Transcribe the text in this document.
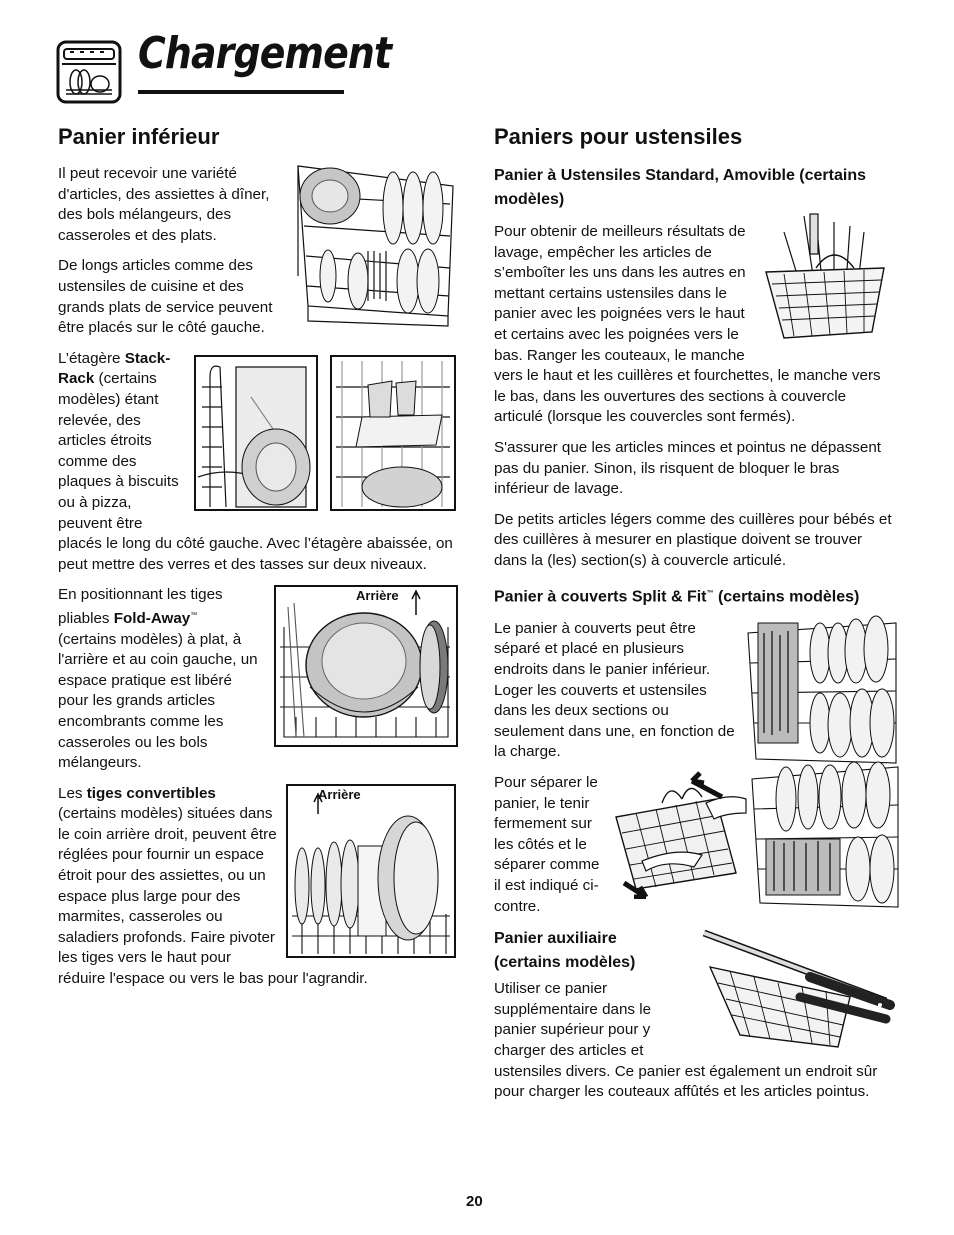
Chargement
Panier inférieur

Il peut recevoir une variété d'articles, des assiettes à dîner, des bols mélangeurs, des casseroles et des plats.

De longs articles comme des ustensiles de cuisine et des grands plats de service peuvent être placés sur le côté gauche.

L’étagère Stack-Rack (certains modèles) étant relevée, des articles étroits comme des plaques à biscuits ou à pizza, peuvent être placés le long du côté gauche. Avec l’étagère abaissée, on peut mettre des verres et des tasses sur deux niveaux.

Arrière

En positionnant les tiges pliables Fold-Away™ (certains modèles) à plat, à l'arrière et au coin gauche, un espace pratique est libéré pour les grands articles encombrants comme les casseroles ou les bols mélangeurs.

Arrière

Les tiges convertibles (certains modèles) situées dans le coin arrière droit, peuvent être réglées pour fournir un espace étroit pour des assiettes, ou un espace plus large pour des marmites, casseroles ou saladiers profonds. Faire pivoter les tiges vers le haut pour réduire l'espace ou vers le bas pour l'agrandir.

Paniers pour ustensiles
Panier à Ustensiles Standard, Amovible (certains modèles)

Pour obtenir de meilleurs résultats de lavage, empêcher les articles de s’emboîter les uns dans les autres en mettant certains ustensiles dans le panier avec les poignées vers le haut et certains avec les poignées vers le bas. Ranger les couteaux, le manche vers le haut et les cuillères et fourchettes, le manche vers le bas, dans les ouvertures des sections à couvercle articulé (lorsque les couvercles sont fermés).

S'assurer que les articles minces et pointus ne dépassent pas du panier. Sinon, ils risquent de bloquer le bras inférieur de lavage.

De petits articles légers comme des cuillères pour bébés et des cuillères à mesurer en plastique doivent se trouver dans la (les) section(s) à couvercle articulé.

Panier à couverts Split & Fit™ (certains modèles)

Le panier à couverts peut être séparé et placé en plusieurs endroits dans le panier inférieur. Loger les couverts et ustensiles dans les deux sections ou seulement dans une, en fonction de la charge.

Pour séparer le panier, le tenir fermement sur les côtés et le séparer comme il est indiqué ci-contre.

Panier auxiliaire (certains modèles)

Utiliser ce panier supplémentaire dans le panier supérieur pour y charger des articles et ustensiles divers. Ce panier est également un endroit sûr pour charger les couteaux affûtés et les articles pointus.

20
